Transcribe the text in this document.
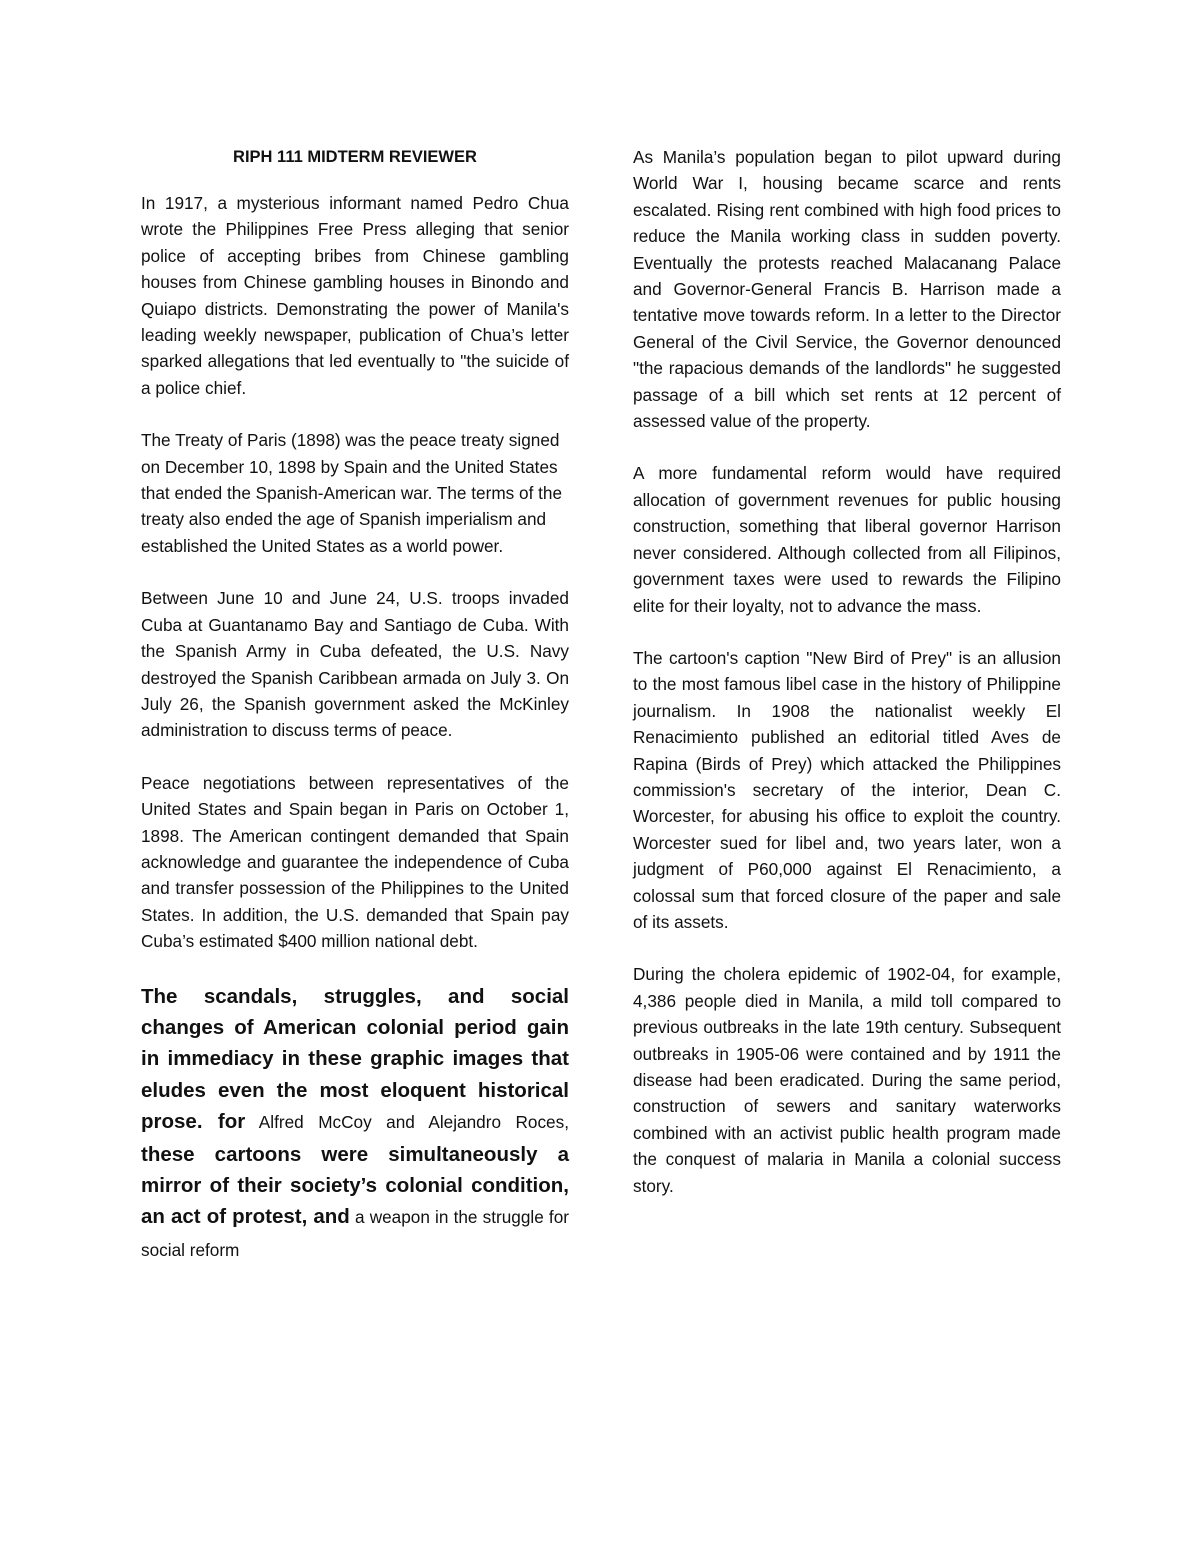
RIPH 111 MIDTERM REVIEWER

In 1917, a mysterious informant named Pedro Chua wrote the Philippines Free Press alleging that senior police of accepting bribes from Chinese gambling houses from Chinese gambling houses in Binondo and Quiapo districts. Demonstrating the power of Manila's leading weekly newspaper, publication of Chua’s letter sparked allegations that led eventually to "the suicide of a police chief.

The Treaty of Paris (1898) was the peace treaty signed on December 10, 1898 by Spain and the United States that ended the Spanish-American war. The terms of the treaty also ended the age of Spanish imperialism and established the United States as a world power.

Between June 10 and June 24, U.S. troops invaded Cuba at Guantanamo Bay and Santiago de Cuba. With the Spanish Army in Cuba defeated, the U.S. Navy destroyed the Spanish Caribbean armada on July 3. On July 26, the Spanish government asked the McKinley administration to discuss terms of peace.

Peace negotiations between representatives of the United States and Spain began in Paris on October 1, 1898. The American contingent demanded that Spain acknowledge and guarantee the independence of Cuba and transfer possession of the Philippines to the United States. In addition, the U.S. demanded that Spain pay Cuba’s estimated $400 million national debt.

The scandals, struggles, and social changes of American colonial period gain in immediacy in these graphic images that eludes even the most eloquent historical prose. for Alfred McCoy and Alejandro Roces, these cartoons were simultaneously a mirror of their society’s colonial condition, an act of protest, and a weapon in the struggle for social reform

As Manila’s population began to pilot upward during World War I, housing became scarce and rents escalated. Rising rent combined with high food prices to reduce the Manila working class in sudden poverty. Eventually the protests reached Malacanang Palace and Governor-General Francis B. Harrison made a tentative move towards reform. In a letter to the Director General of the Civil Service, the Governor denounced "the rapacious demands of the landlords" he suggested passage of a bill which set rents at 12 percent of assessed value of the property.

A more fundamental reform would have required allocation of government revenues for public housing construction, something that liberal governor Harrison never considered. Although collected from all Filipinos, government taxes were used to rewards the Filipino elite for their loyalty, not to advance the mass.

The cartoon's caption "New Bird of Prey" is an allusion to the most famous libel case in the history of Philippine journalism. In 1908 the nationalist weekly El Renacimiento published an editorial titled Aves de Rapina (Birds of Prey) which attacked the Philippines commission's secretary of the interior, Dean C. Worcester, for abusing his office to exploit the country. Worcester sued for libel and, two years later, won a judgment of P60,000 against El Renacimiento, a colossal sum that forced closure of the paper and sale of its assets.

During the cholera epidemic of 1902-04, for example, 4,386 people died in Manila, a mild toll compared to previous outbreaks in the late 19th century. Subsequent outbreaks in 1905-06 were contained and by 1911 the disease had been eradicated. During the same period, construction of sewers and sanitary waterworks combined with an activist public health program made the conquest of malaria in Manila a colonial success story.
